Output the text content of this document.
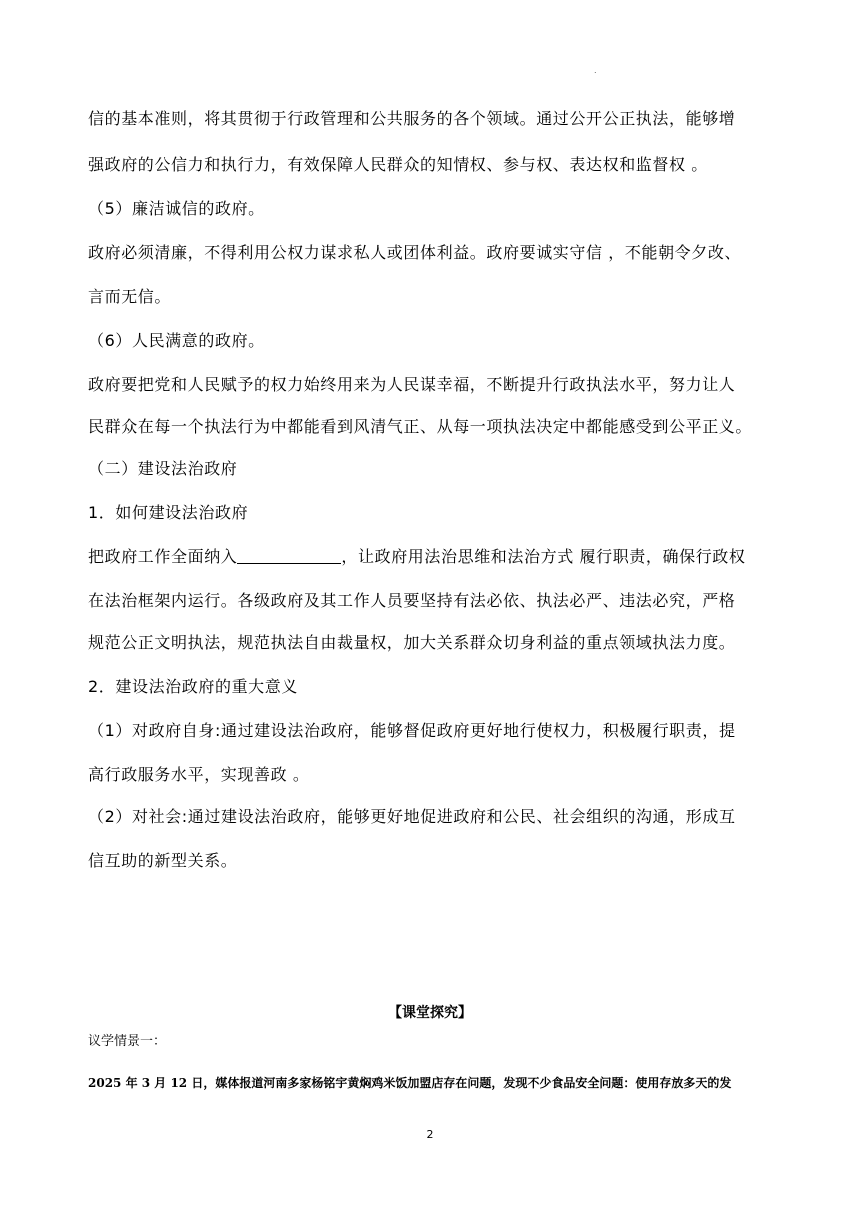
.
信的基本准则，将其贯彻于行政管理和公共服务的各个领域。通过公开公正执法，能够增
强政府的公信力和执行力，有效保障人民群众的知情权、参与权、表达权和监督权 。
（5）廉洁诚信的政府。
政府必须清廉，不得利用公权力谋求私人或团体利益。政府要诚实守信 ，不能朝令夕改、
言而无信。
（6）人民满意的政府。
政府要把党和人民赋予的权力始终用来为人民谋幸福，不断提升行政执法水平，努力让人
民群众在每一个执法行为中都能看到风清气正、从每一项执法决定中都能感受到公平正义。
（二）建设法治政府
1．如何建设法治政府
把政府工作全面纳入	，让政府用法治思维和法治方式 履行职责，确保行政权
在法治框架内运行。各级政府及其工作人员要坚持有法必依、执法必严、违法必究，严格
规范公正文明执法，规范执法自由裁量权，加大关系群众切身利益的重点领域执法力度。
2．建设法治政府的重大意义
（1）对政府自身:通过建设法治政府，能够督促政府更好地行使权力，积极履行职责，提
高行政服务水平，实现善政 。
（2）对社会:通过建设法治政府，能够更好地促进政府和公民、社会组织的沟通，形成互
信互助的新型关系。
【课堂探究】
议学情景一：
2025 年 3 月 12 日，媒体报道河南多家杨铭宇黄焖鸡米饭加盟店存在问题，发现不少食品安全问题：使用存放多天的发
2
